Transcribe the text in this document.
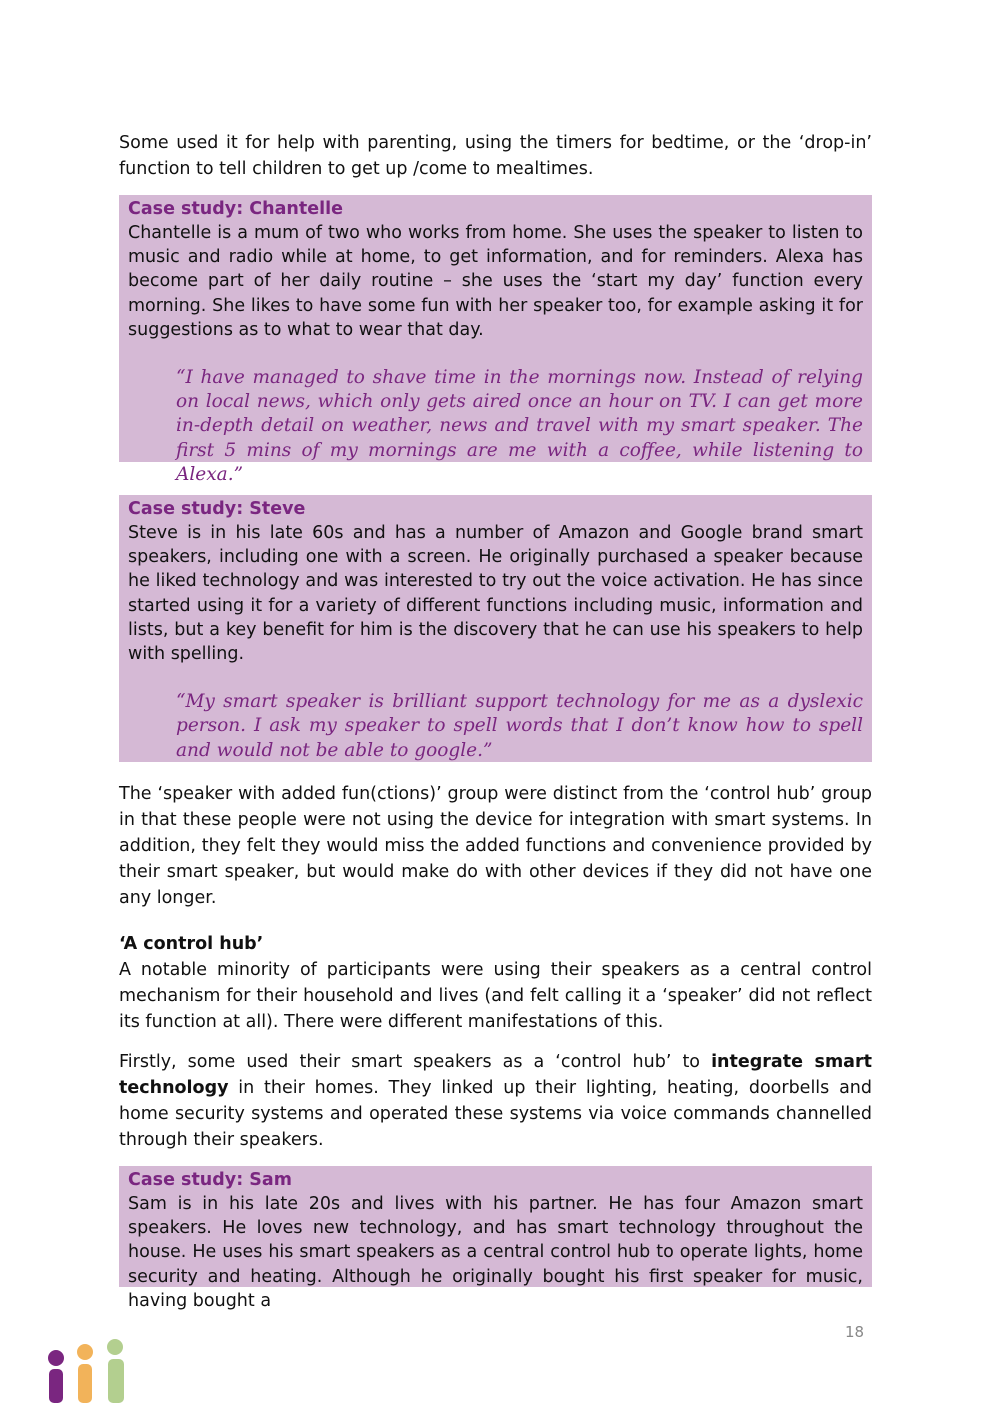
Some used it for help with parenting, using the timers for bedtime, or the ‘drop-in’ function to tell children to get up /come to mealtimes.

Case study: Chantelle

Chantelle is a mum of two who works from home. She uses the speaker to listen to music and radio while at home, to get information, and for reminders. Alexa has become part of her daily routine – she uses the ‘start my day’ function every morning. She likes to have some fun with her speaker too, for example asking it for suggestions as to what to wear that day.

“I have managed to shave time in the mornings now. Instead of relying on local news, which only gets aired once an hour on TV. I can get more in-depth detail on weather, news and travel with my smart speaker. The first 5 mins of my mornings are me with a coffee, while listening to Alexa.”

Case study: Steve

Steve is in his late 60s and has a number of Amazon and Google brand smart speakers, including one with a screen. He originally purchased a speaker because he liked technology and was interested to try out the voice activation. He has since started using it for a variety of different functions including music, information and lists, but a key benefit for him is the discovery that he can use his speakers to help with spelling.

“My smart speaker is brilliant support technology for me as a dyslexic person. I ask my speaker to spell words that I don’t know how to spell and would not be able to google.”

The ‘speaker with added fun(ctions)’ group were distinct from the ‘control hub’ group in that these people were not using the device for integration with smart systems. In addition, they felt they would miss the added functions and convenience provided by their smart speaker, but would make do with other devices if they did not have one any longer.

‘A control hub’

A notable minority of participants were using their speakers as a central control mechanism for their household and lives (and felt calling it a ‘speaker’ did not reflect its function at all). There were different manifestations of this.

Firstly, some used their smart speakers as a ‘control hub’ to integrate smart technology in their homes. They linked up their lighting, heating, doorbells and home security systems and operated these systems via voice commands channelled through their speakers.

Case study: Sam

Sam is in his late 20s and lives with his partner. He has four Amazon smart speakers. He loves new technology, and has smart technology throughout the house. He uses his smart speakers as a central control hub to operate lights, home security and heating. Although he originally bought his first speaker for music, having bought a

18
